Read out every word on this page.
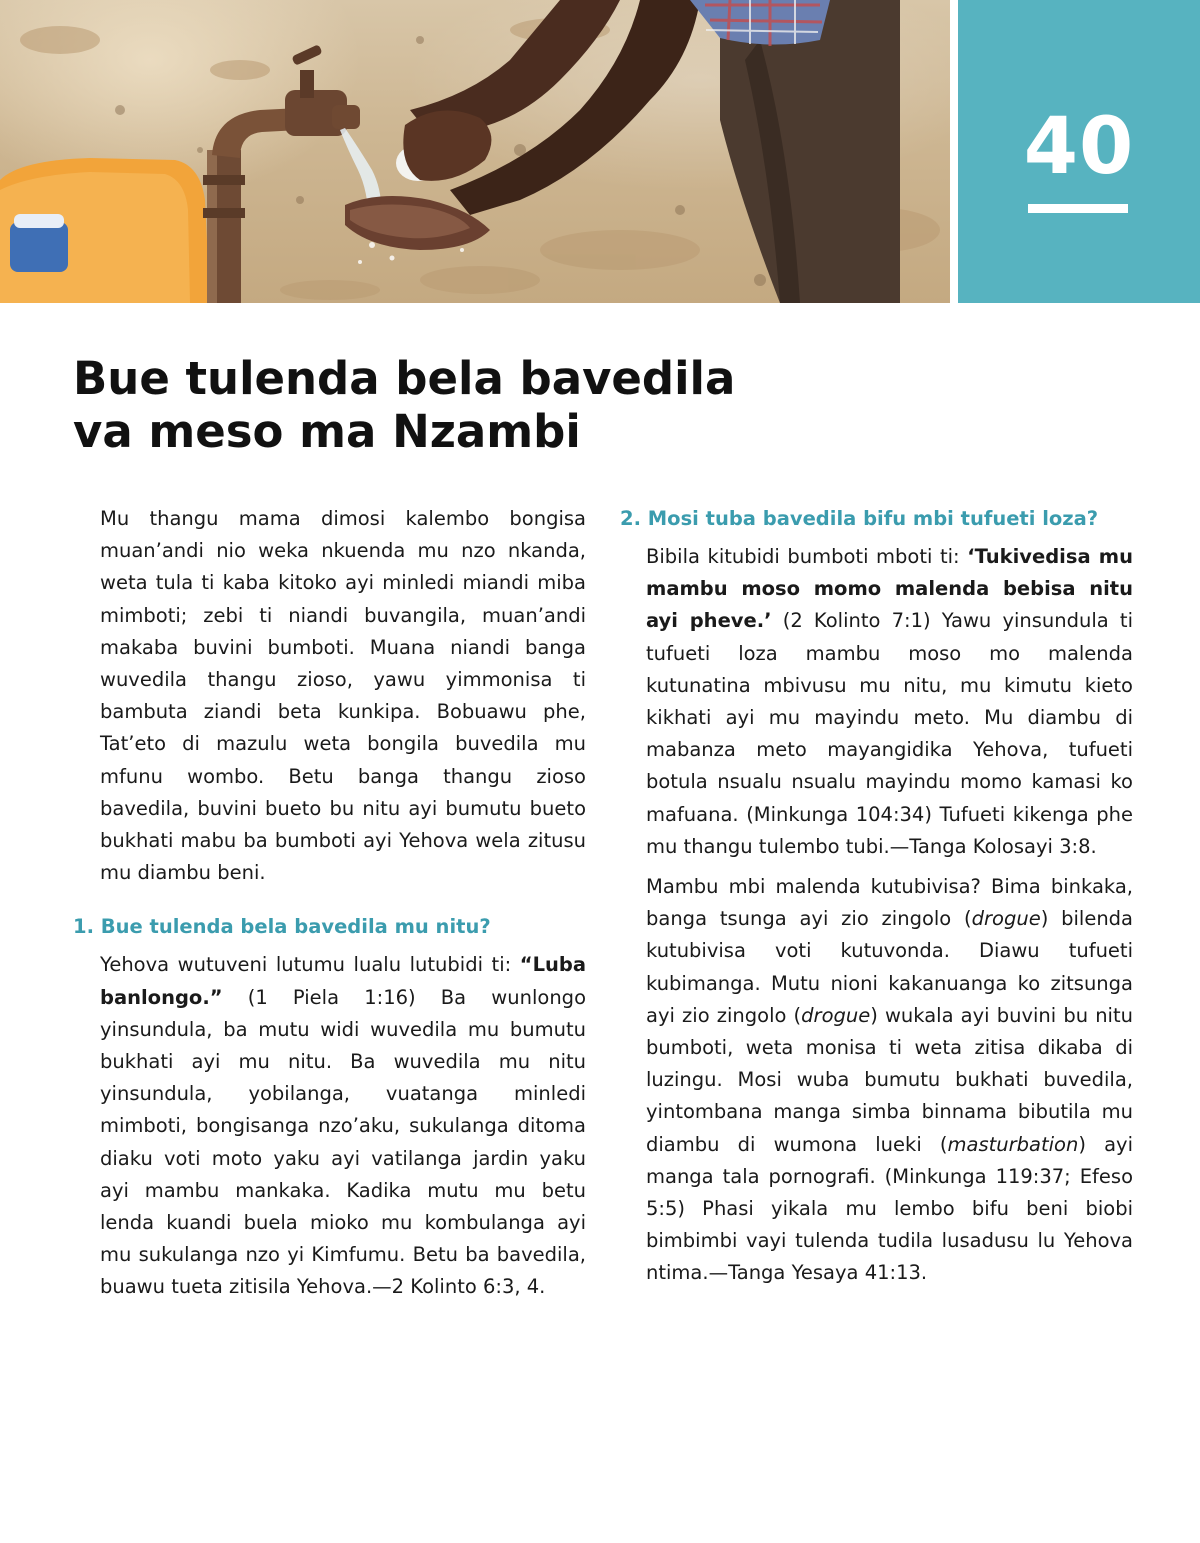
40
Bue tulenda bela bavedila
va meso ma Nzambi

Mu thangu mama dimosi kalembo bongisa muan’andi nio weka nkuenda mu nzo nkanda, weta tula ti kaba kitoko ayi minledi miandi miba mimboti; zebi ti niandi buvangila, muan’andi makaba buvini bumboti. Muana niandi banga wuvedila thangu zioso, yawu yimmonisa ti bambuta ziandi beta kunkipa. Bobuawu phe, Tat’eto di mazulu weta bongila buvedila mu mfunu wombo. Betu banga thangu zioso bavedila, buvini bueto bu nitu ayi bumutu bueto bukhati mabu ba bumboti ayi Yehova wela zitusu mu diambu beni.

1. Bue tulenda bela bavedila mu nitu?

Yehova wutuveni lutumu lualu lutubidi ti: “Luba banlongo.” (1 Piela 1:16) Ba wunlongo yinsundula, ba mutu widi wuvedila mu bumutu bukhati ayi mu nitu. Ba wuvedila mu nitu yinsundula, yobilanga, vuatanga minledi mimboti, bongisanga nzo’aku, sukulanga ditoma diaku voti moto yaku ayi vatilanga jardin yaku ayi mambu mankaka. Kadika mutu mu betu lenda kuandi buela mioko mu kombulanga ayi mu sukulanga nzo yi Kimfumu. Betu ba bavedila, buawu tueta zitisila Yehova.—2 Kolinto 6:3, 4.

2. Mosi tuba bavedila bifu mbi tufueti loza?

Bibila kitubidi bumboti mboti ti: ‘Tukivedisa mu mambu moso momo malenda bebisa nitu ayi pheve.’ (2 Kolinto 7:1) Yawu yinsundula ti tufueti loza mambu moso mo malenda kutunatina mbivusu mu nitu, mu kimutu kieto kikhati ayi mu mayindu meto. Mu diambu di mabanza meto mayangidika Yehova, tufueti botula nsualu nsualu mayindu momo kamasi ko mafuana. (Minkunga 104:34) Tufueti kikenga phe mu thangu tulembo tubi.—Tanga Kolosayi 3:8.

Mambu mbi malenda kutubivisa? Bima binkaka, banga tsunga ayi zio zingolo (drogue) bilenda kutubivisa voti kutuvonda. Diawu tufueti kubimanga. Mutu nioni kakanuanga ko zitsunga ayi zio zingolo (drogue) wukala ayi buvini bu nitu bumboti, weta monisa ti weta zitisa dikaba di luzingu. Mosi wuba bumutu bukhati buvedila, yintombana manga simba binnama bibutila mu diambu di wumona lueki (masturbation) ayi manga tala pornografi. (Minkunga 119:37; Efeso 5:5) Phasi yikala mu lembo bifu beni biobi bimbimbi vayi tulenda tudila lusadusu lu Yehova ntima.—Tanga Yesaya 41:13.
